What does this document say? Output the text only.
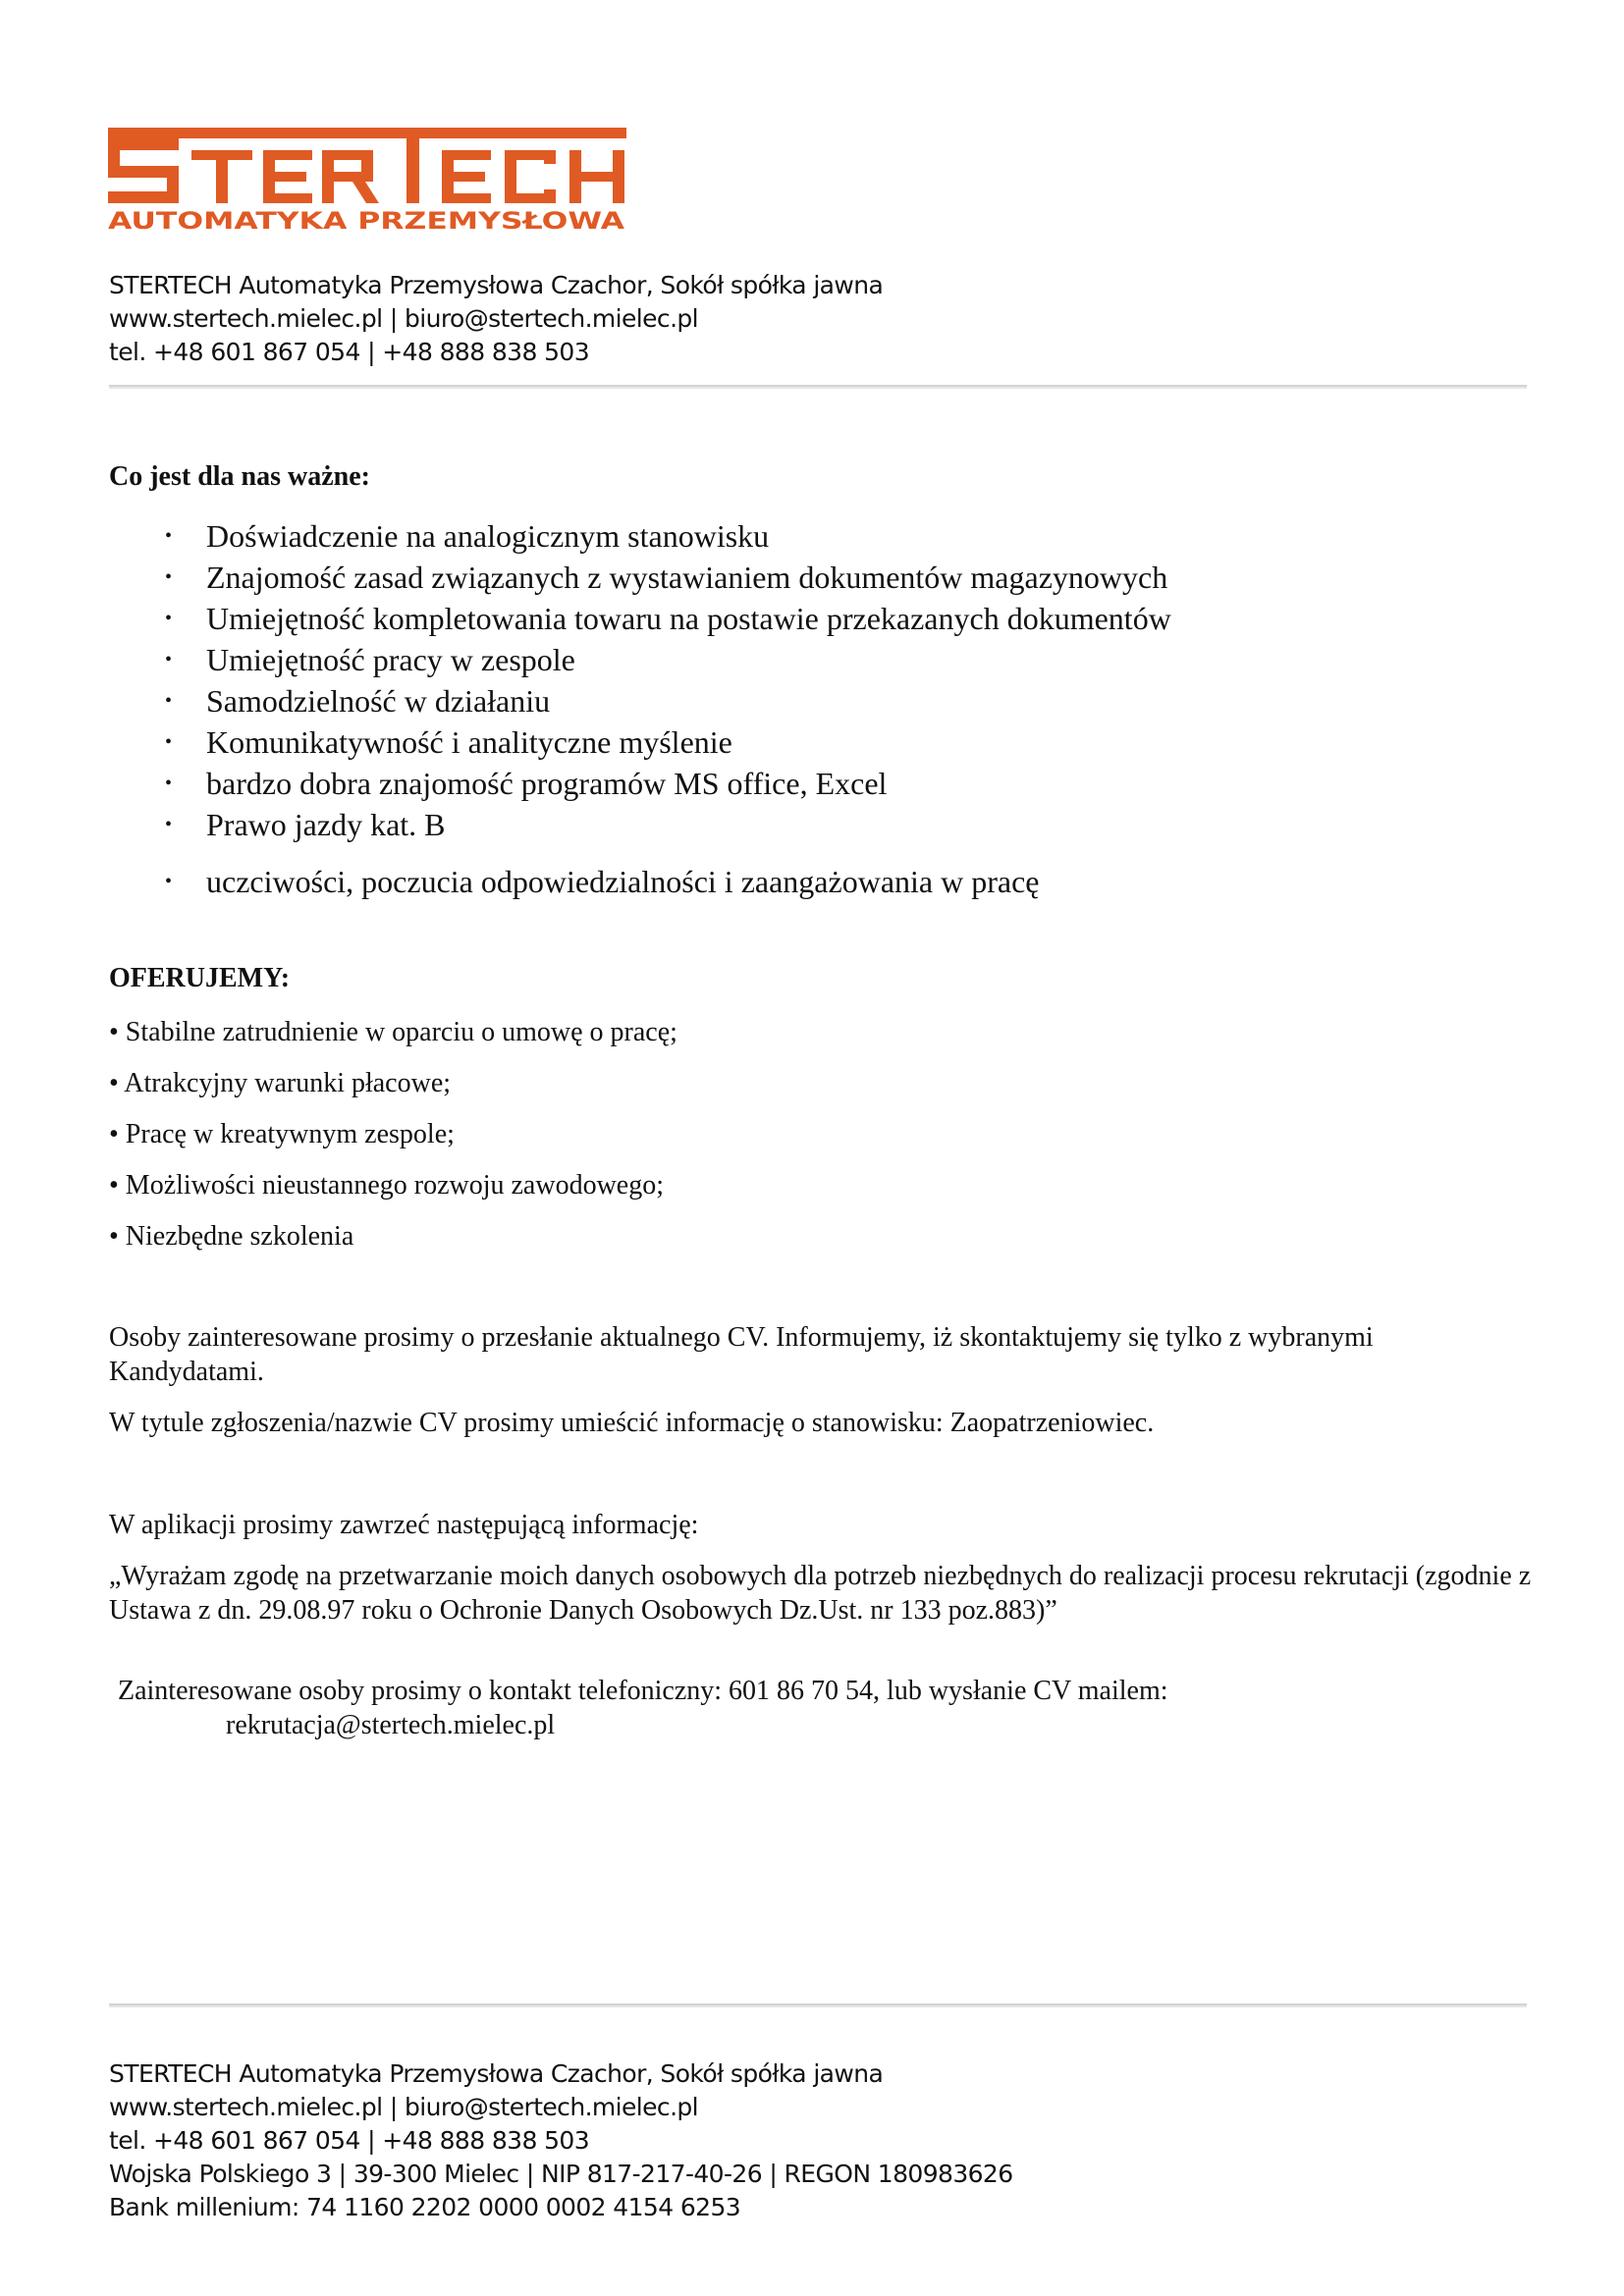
AUTOMATYKA PRZEMYSŁOWA
STERTECH Automatyka Przemysłowa Czachor, Sokół spółka jawna
www.stertech.mielec.pl | biuro@stertech.mielec.pl
tel. +48 601 867 054 | +48 888 838 503
Co jest dla nas ważne:
• Doświadczenie na analogicznym stanowisku
• Znajomość zasad związanych z wystawianiem dokumentów magazynowych
• Umiejętność kompletowania towaru na postawie przekazanych dokumentów
• Umiejętność pracy w zespole
• Samodzielność w działaniu
• Komunikatywność i analityczne myślenie
• bardzo dobra znajomość programów MS office, Excel
• Prawo jazdy kat. B
• uczciwości, poczucia odpowiedzialności i zaangażowania w pracę
OFERUJEMY:
• Stabilne zatrudnienie w oparciu o umowę o pracę;
• Atrakcyjny warunki płacowe;
• Pracę w kreatywnym zespole;
• Możliwości nieustannego rozwoju zawodowego;
• Niezbędne szkolenia
Osoby zainteresowane prosimy o przesłanie aktualnego CV. Informujemy, iż skontaktujemy się tylko z wybranymi Kandydatami.
W tytule zgłoszenia/nazwie CV prosimy umieścić informację o stanowisku: Zaopatrzeniowiec.
W aplikacji prosimy zawrzeć następującą informację:
„Wyrażam zgodę na przetwarzanie moich danych osobowych dla potrzeb niezbędnych do realizacji procesu rekrutacji (zgodnie z Ustawa z dn. 29.08.97 roku o Ochronie Danych Osobowych Dz.Ust. nr 133 poz.883)”
Zainteresowane osoby prosimy o kontakt telefoniczny: 601 86 70 54, lub wysłanie CV mailem:
rekrutacja@stertech.mielec.pl
STERTECH Automatyka Przemysłowa Czachor, Sokół spółka jawna
www.stertech.mielec.pl | biuro@stertech.mielec.pl
tel. +48 601 867 054 | +48 888 838 503
Wojska Polskiego 3 | 39-300 Mielec | NIP 817-217-40-26 | REGON 180983626
Bank millenium: 74 1160 2202 0000 0002 4154 6253
